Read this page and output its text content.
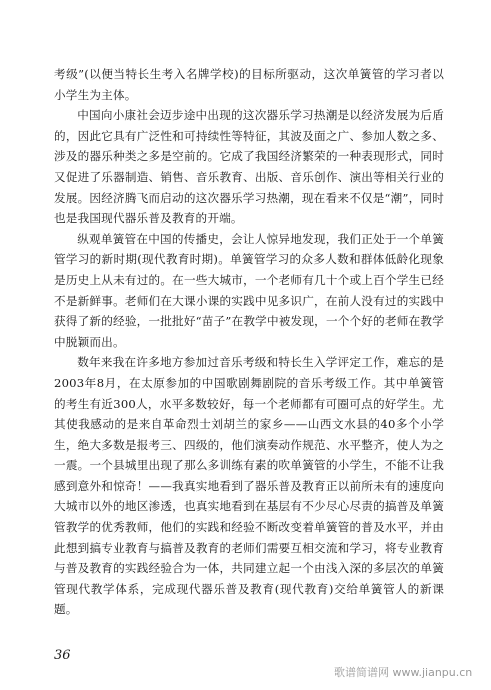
考级”(以便当特长生考入名牌学校)的目标所驱动，这次单簧管的学习者以小学生为主体。

中国向小康社会迈步途中出现的这次器乐学习热潮是以经济发展为后盾的，因此它具有广泛性和可持续性等特征，其波及面之广、参加人数之多、涉及的器乐种类之多是空前的。它成了我国经济繁荣的一种表现形式，同时又促进了乐器制造、销售、音乐教育、出版、音乐创作、演出等相关行业的发展。因经济腾飞而启动的这次器乐学习热潮，现在看来不仅是“潮”，同时也是我国现代器乐普及教育的开端。

纵观单簧管在中国的传播史，会让人惊异地发现，我们正处于一个单簧管学习的新时期(现代教育时期)。单簧管学习的众多人数和群体低龄化现象是历史上从未有过的。在一些大城市，一个老师有几十个或上百个学生已经不是新鲜事。老师们在大课小课的实践中见多识广，在前人没有过的实践中获得了新的经验，一批批好“苗子”在教学中被发现，一个个好的老师在教学中脱颖而出。

数年来我在许多地方参加过音乐考级和特长生入学评定工作，难忘的是2003年8月，在太原参加的中国歌剧舞剧院的音乐考级工作。其中单簧管的考生有近300人，水平多数较好，每一个老师都有可圈可点的好学生。尤其使我感动的是来自革命烈士刘胡兰的家乡——山西文水县的40多个小学生，绝大多数是报考三、四级的，他们演奏动作规范、水平整齐，使人为之一震。一个县城里出现了那么多训练有素的吹单簧管的小学生，不能不让我感到意外和惊奇！——我真实地看到了器乐普及教育正以前所未有的速度向大城市以外的地区渗透，也真实地看到在基层有不少尽心尽责的搞普及单簧管教学的优秀教师，他们的实践和经验不断改变着单簧管的普及水平，并由此想到搞专业教育与搞普及教育的老师们需要互相交流和学习，将专业教育与普及教育的实践经验合为一体，共同建立起一个由浅入深的多层次的单簧管现代教学体系，完成现代器乐普及教育(现代教育)交给单簧管人的新课题。

36
歌谱简谱网 www.jianpu.cn
